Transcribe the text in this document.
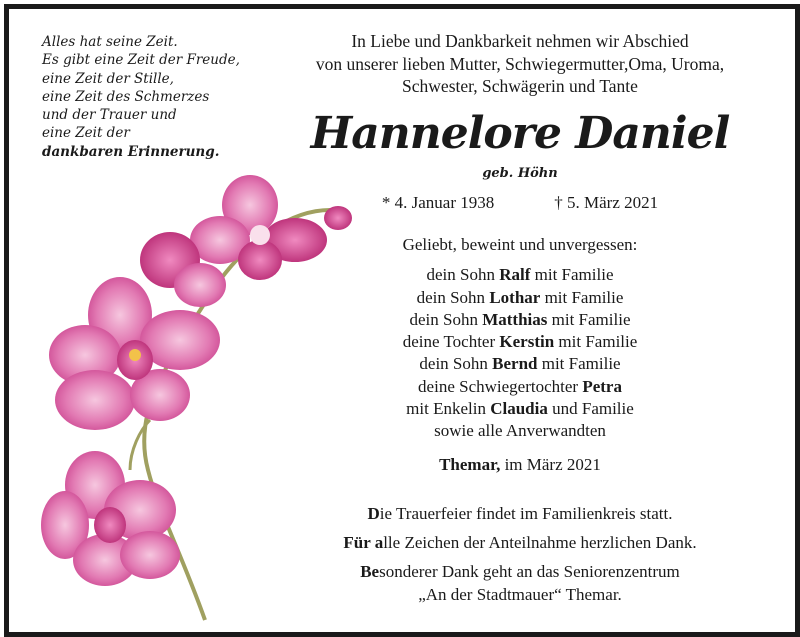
Alles hat seine Zeit.
Es gibt eine Zeit der Freude,
eine Zeit der Stille,
eine Zeit des Schmerzes
und der Trauer und
eine Zeit der
dankbaren Erinnerung.
In Liebe und Dankbarkeit nehmen wir Abschied
von unserer lieben Mutter, Schwiegermutter,Oma, Uroma,
Schwester, Schwägerin und Tante
Hannelore Daniel
geb. Höhn
* 4. Januar 1938	† 5. März 2021
Geliebt, beweint und unvergessen:
dein Sohn Ralf mit Familie
dein Sohn Lothar mit Familie
dein Sohn Matthias mit Familie
deine Tochter Kerstin mit Familie
dein Sohn Bernd mit Familie
deine Schwiegertochter Petra
mit Enkelin Claudia und Familie
sowie alle Anverwandten
Themar, im März 2021

Die Trauerfeier findet im Familienkreis statt.

Für alle Zeichen der Anteilnahme herzlichen Dank.

Besonderer Dank geht an das Seniorenzentrum

„An der Stadtmauer“ Themar.
